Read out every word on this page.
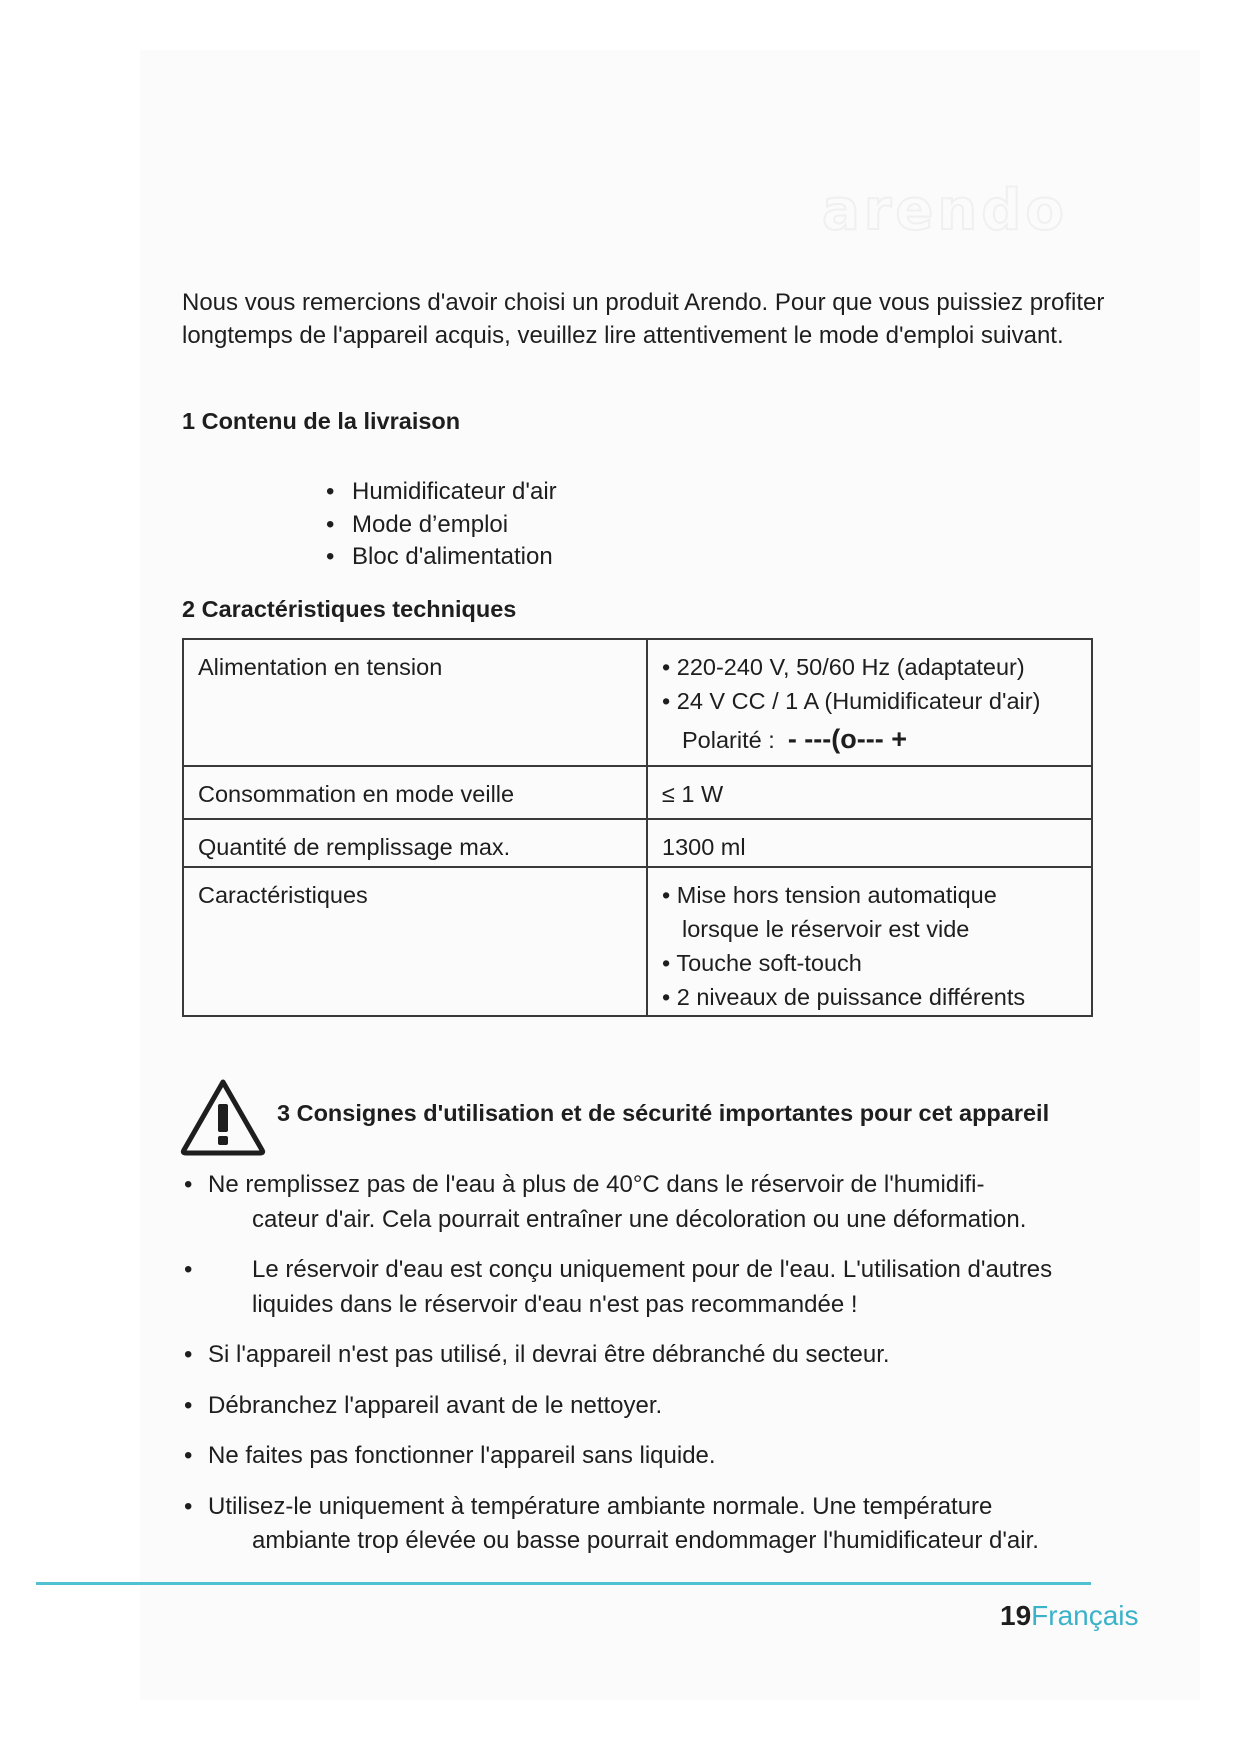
arendo

Nous vous remercions d'avoir choisi un produit Arendo. Pour que vous puissiez profiter longtemps de l'appareil acquis, veuillez lire attentivement le mode d'emploi suivant.

1 Contenu de la livraison
• Humidificateur d'air
• Mode d’emploi
• Bloc d'alimentation
2 Caractéristiques techniques
Alimentation en tension	• 220-240 V, 50/60 Hz (adaptateur)
• 24 V CC / 1 A (Humidificateur d'air)
Polarité : - ---(o--- +

Consommation en mode veille	≤ 1 W
Quantité de remplissage max.	1300 ml
Caractéristiques	• Mise hors tension automatique
lorsque le réservoir est vide
• Touche soft-touch
• 2 niveaux de puissance différents
3 Consignes d'utilisation et de sécurité importantes pour cet appareil
• Ne remplissez pas de l'eau à plus de 40°C dans le réservoir de l'humidifi-
cateur d'air. Cela pourrait entraîner une décoloration ou une déformation.
• Le réservoir d'eau est conçu uniquement pour de l'eau. L'utilisation d'autres liquides dans le réservoir d'eau n'est pas recommandée !
• Si l'appareil n'est pas utilisé, il devrai être débranché du secteur.
• Débranchez l'appareil avant de le nettoyer.
• Ne faites pas fonctionner l'appareil sans liquide.
• Utilisez-le uniquement à température ambiante normale. Une température
ambiante trop élevée ou basse pourrait endommager l'humidificateur d'air.
19Français
